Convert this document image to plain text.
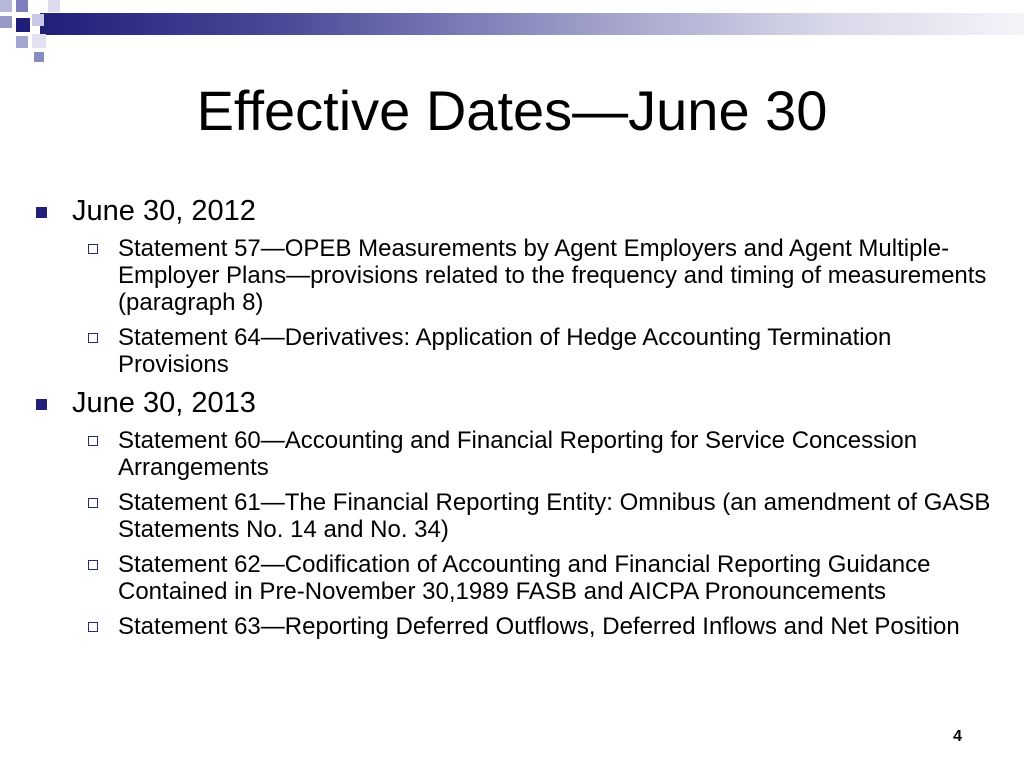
Effective Dates—June 30
June 30, 2012
Statement 57—OPEB Measurements by Agent Employers and Agent Multiple-Employer Plans—provisions related to the frequency and timing of measurements (paragraph 8)
Statement 64—Derivatives: Application of Hedge Accounting Termination Provisions
June 30, 2013
Statement 60—Accounting and Financial Reporting for Service Concession Arrangements
Statement 61—The Financial Reporting Entity: Omnibus (an amendment of GASB Statements No. 14 and No. 34)
Statement 62—Codification of Accounting and Financial Reporting Guidance Contained in Pre-November 30,1989 FASB and AICPA Pronouncements
Statement 63—Reporting Deferred Outflows, Deferred Inflows and Net Position
4
